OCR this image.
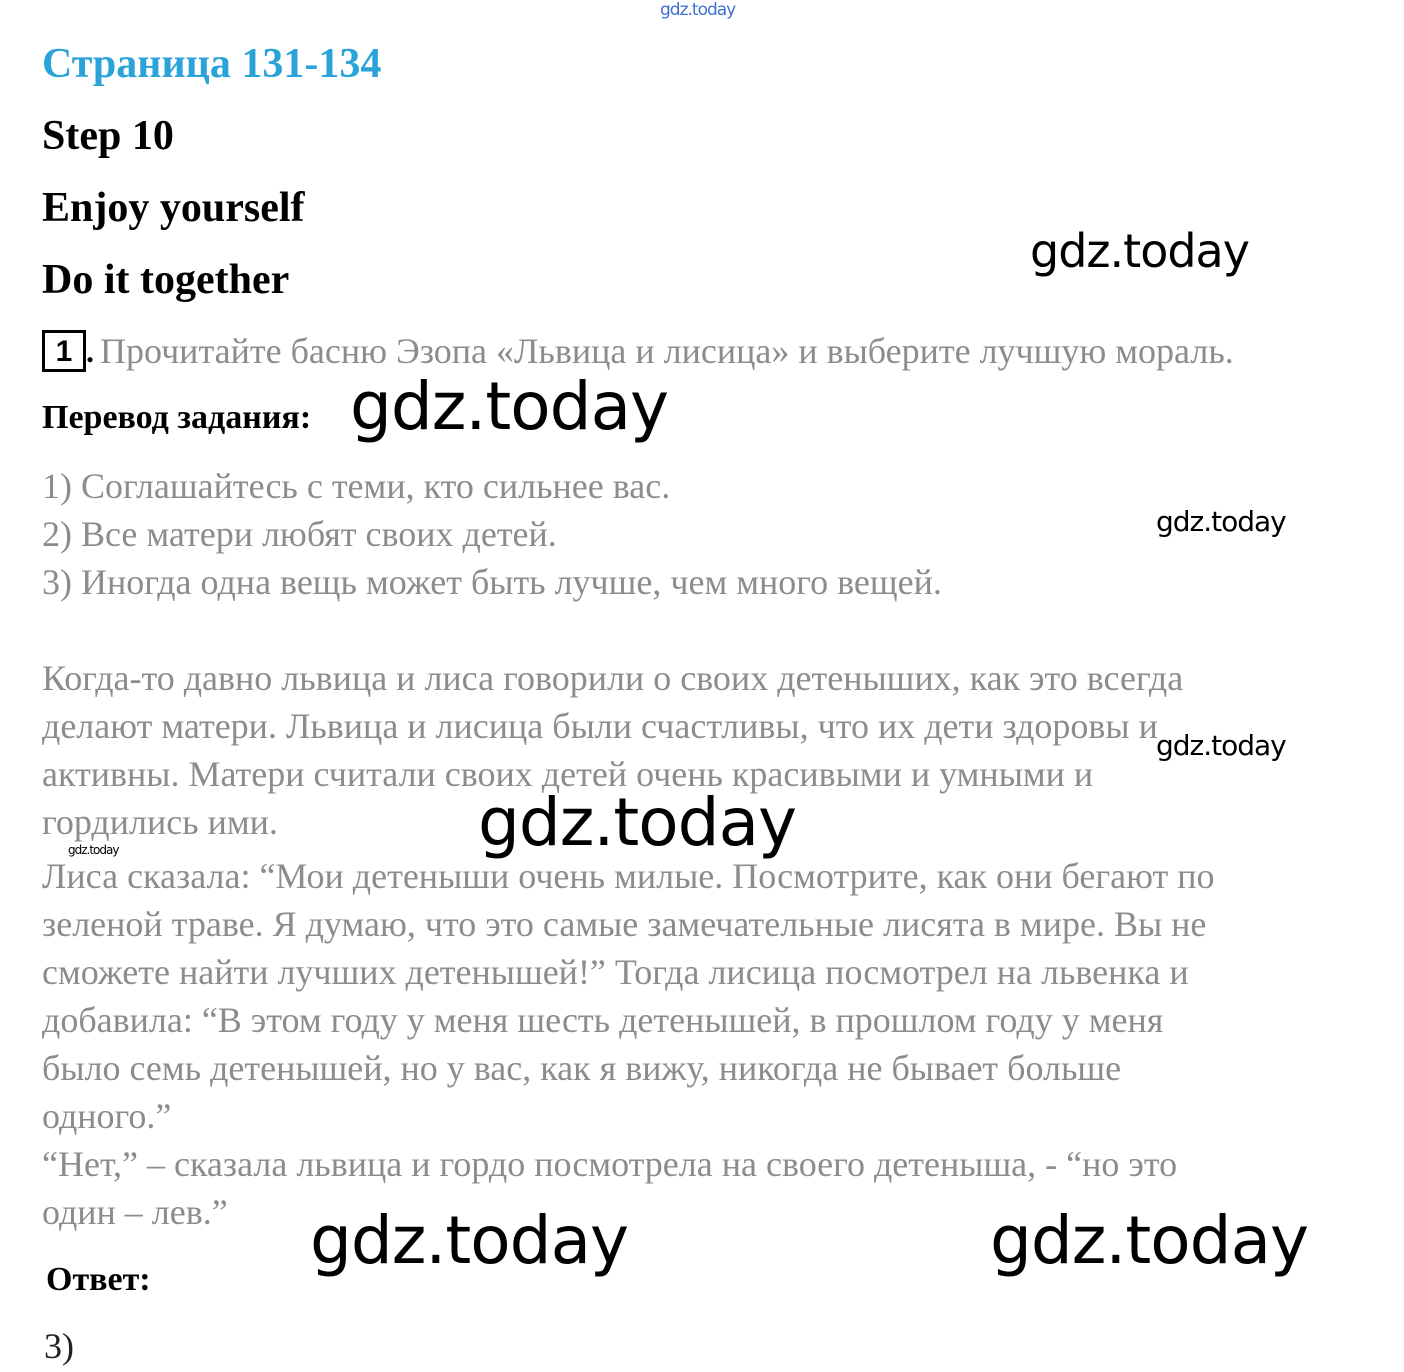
gdz.today
gdz.today
gdz.today
gdz.today
gdz.today
gdz.today
gdz.today
gdz.today	gdz.today
Страница 131-134
Step 10
Enjoy yourself
Do it together
1 . Прочитайте басню Эзопа «Львица и лисица» и выберите лучшую мораль.
Перевод задания:
1) Соглашайтесь с теми, кто сильнее вас.
2) Все матери любят своих детей.
3) Иногда одна вещь может быть лучше, чем много вещей.
Когда-то давно львица и лиса говорили о своих детеныших, как это всегда
делают матери. Львица и лисица были счастливы, что их дети здоровы и
активны. Матери считали своих детей очень красивыми и умными и
гордились ими.
Лиса сказала: “Мои детеныши очень милые. Посмотрите, как они бегают по
зеленой траве. Я думаю, что это самые замечательные лисята в мире. Вы не
сможете найти лучших детенышей!” Тогда лисица посмотрел на львенка и
добавила: “В этом году у меня шесть детенышей, в прошлом году у меня
было семь детенышей, но у вас, как я вижу, никогда не бывает больше
одного.”
“Нет,” – сказала львица и гордо посмотрела на своего детеныша, - “но это
один – лев.”
Ответ:
3)
